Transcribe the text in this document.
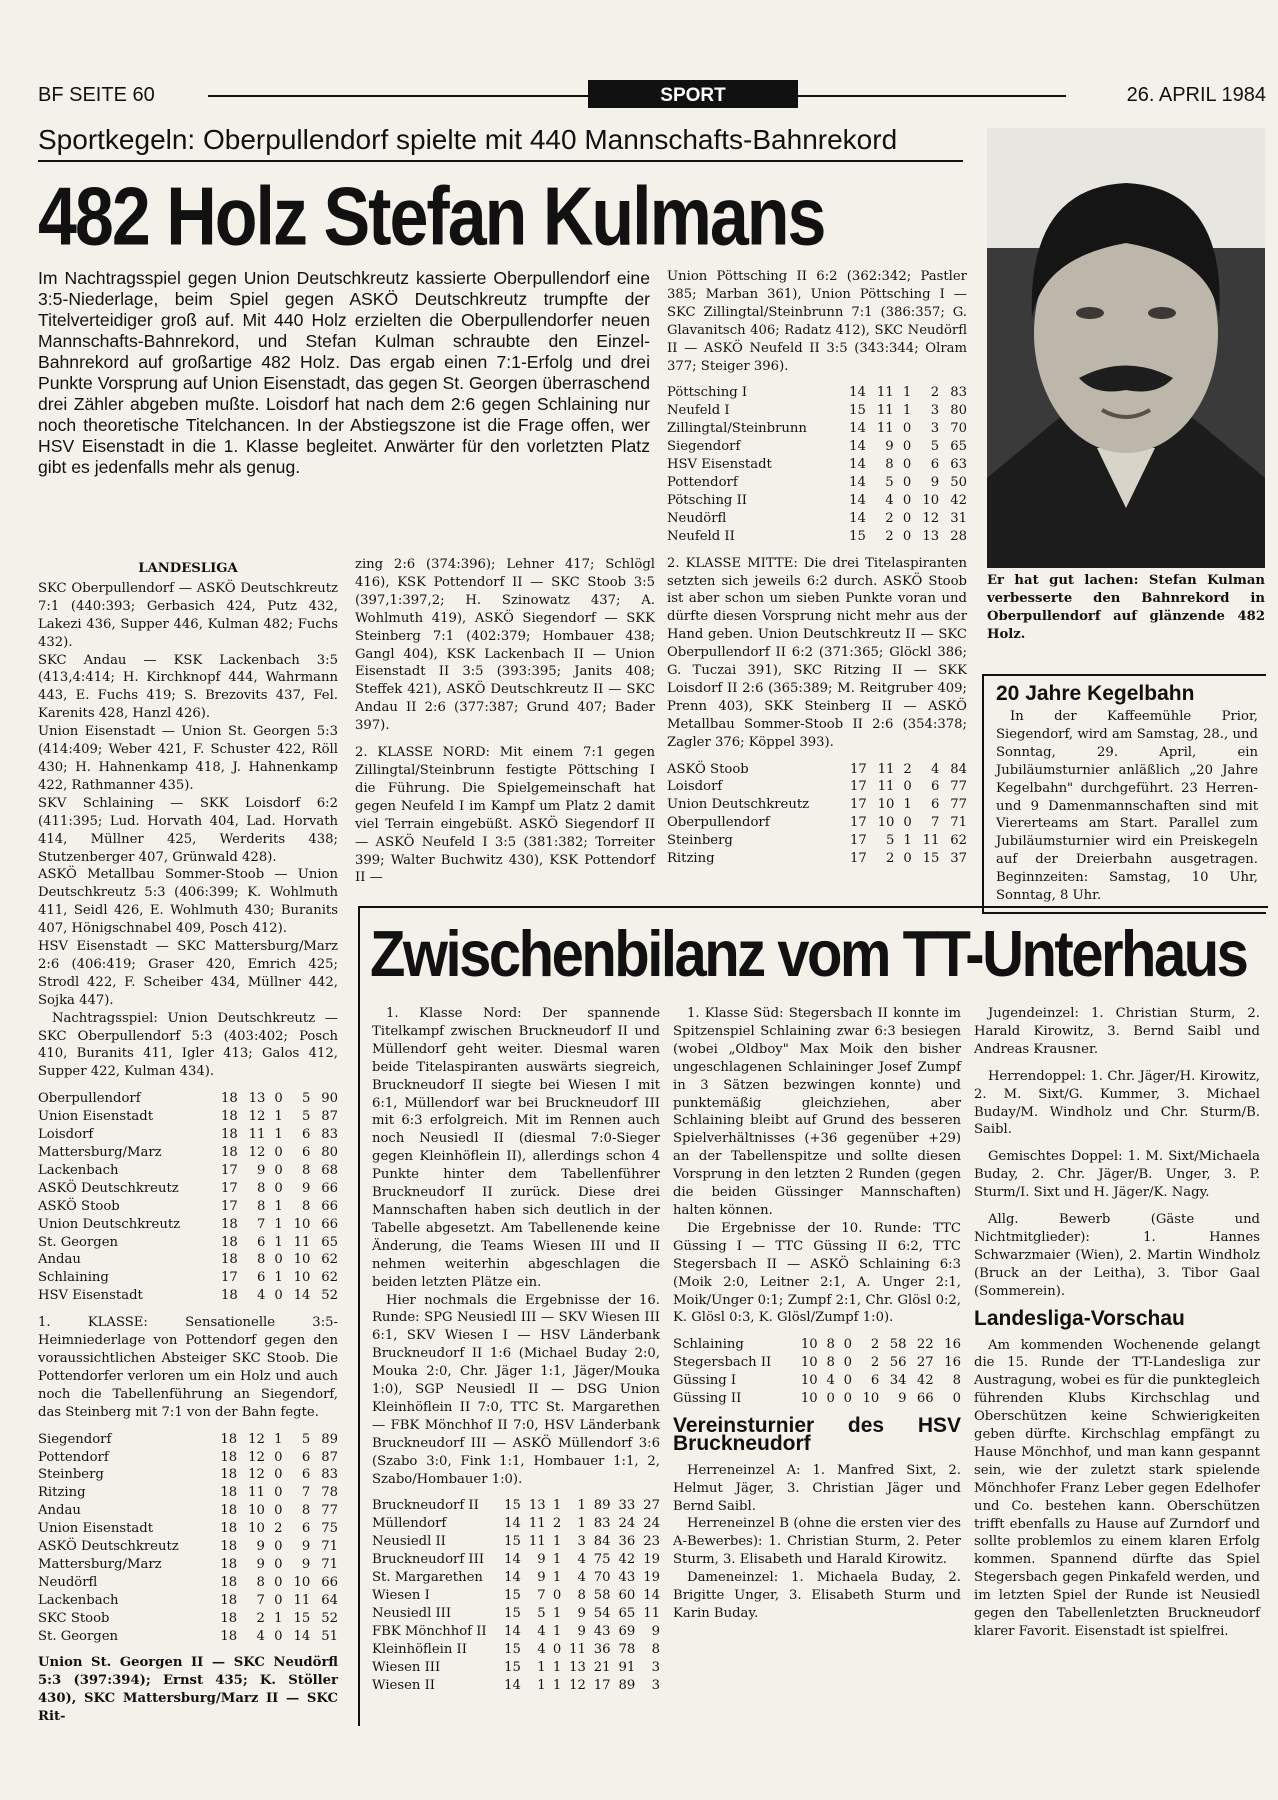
BF SEITE 60	SPORT	26. APRIL 1984
Sportkegeln: Oberpullendorf spielte mit 440 Mannschafts-Bahnrekord
482 Holz Stefan Kulmans
Im Nachtragsspiel gegen Union Deutschkreutz kassierte Oberpullendorf eine 3:5-Niederlage, beim Spiel gegen ASKÖ Deutschkreutz trumpfte der Titelverteidiger groß auf. Mit 440 Holz erzielten die Oberpullendorfer neuen Mannschafts-Bahnrekord, und Stefan Kulman schraubte den Einzel-Bahnrekord auf großartige 482 Holz. Das ergab einen 7:1-Erfolg und drei Punkte Vorsprung auf Union Eisenstadt, das gegen St. Georgen überraschend drei Zähler abgeben mußte. Loisdorf hat nach dem 2:6 gegen Schlaining nur noch theoretische Titelchancen. In der Abstiegszone ist die Frage offen, wer HSV Eisenstadt in die 1. Klasse begleitet. Anwärter für den vorletzten Platz gibt es jedenfalls mehr als genug.

LANDESLIGA

SKC Oberpullendorf — ASKÖ Deutschkreutz 7:1 (440:393; Gerbasich 424, Putz 432, Lakezi 436, Supper 446, Kulman 482; Fuchs 432).

SKC Andau — KSK Lackenbach 3:5 (413,4:414; H. Kirchknopf 444, Wahrmann 443, E. Fuchs 419; S. Brezovits 437, Fel. Karenits 428, Hanzl 426).

Union Eisenstadt — Union St. Georgen 5:3 (414:409; Weber 421, F. Schuster 422, Röll 430; H. Hahnenkamp 418, J. Hahnenkamp 422, Rathmanner 435).

SKV Schlaining — SKK Loisdorf 6:2 (411:395; Lud. Horvath 404, Lad. Horvath 414, Müllner 425, Werderits 438; Stutzenberger 407, Grünwald 428).

ASKÖ Metallbau Sommer-Stoob — Union Deutschkreutz 5:3 (406:399; K. Wohlmuth 411, Seidl 426, E. Wohlmuth 430; Buranits 407, Hönigschnabel 409, Posch 412).

HSV Eisenstadt — SKC Mattersburg/Marz 2:6 (406:419; Graser 420, Emrich 425; Strodl 422, F. Scheiber 434, Müllner 442, Sojka 447).

Nachtragsspiel: Union Deutschkreutz — SKC Oberpullendorf 5:3 (403:402; Posch 410, Buranits 411, Igler 413; Galos 412, Supper 422, Kulman 434).

Oberpullendorf	18	13	0	5	90
Union Eisenstadt	18	12	1	5	87
Loisdorf	18	11	1	6	83
Mattersburg/Marz	18	12	0	6	80
Lackenbach	17	9	0	8	68
ASKÖ Deutschkreutz	17	8	0	9	66
ASKÖ Stoob	17	8	1	8	66
Union Deutschkreutz	18	7	1	10	66
St. Georgen	18	6	1	11	65
Andau	18	8	0	10	62
Schlaining	17	6	1	10	62
HSV Eisenstadt	18	4	0	14	52

1. KLASSE: Sensationelle 3:5-Heimniederlage von Pottendorf gegen den voraussichtlichen Absteiger SKC Stoob. Die Pottendorfer verloren um ein Holz und auch noch die Tabellenführung an Siegendorf, das Steinberg mit 7:1 von der Bahn fegte.

Siegendorf	18	12	1	5	89
Pottendorf	18	12	0	6	87
Steinberg	18	12	0	6	83
Ritzing	18	11	0	7	78
Andau	18	10	0	8	77
Union Eisenstadt	18	10	2	6	75
ASKÖ Deutschkreutz	18	9	0	9	71
Mattersburg/Marz	18	9	0	9	71
Neudörfl	18	8	0	10	66
Lackenbach	18	7	0	11	64
SKC Stoob	18	2	1	15	52
St. Georgen	18	4	0	14	51

Union St. Georgen II — SKC Neudörfl 5:3 (397:394); Ernst 435; K. Stöller 430), SKC Mattersburg/Marz II — SKC Rit-

zing 2:6 (374:396); Lehner 417; Schlögl 416), KSK Pottendorf II — SKC Stoob 3:5 (397,1:397,2; H. Szinowatz 437; A. Wohlmuth 419), ASKÖ Siegendorf — SKK Steinberg 7:1 (402:379; Hombauer 438; Gangl 404), KSK Lackenbach II — Union Eisenstadt II 3:5 (393:395; Janits 408; Steffek 421), ASKÖ Deutschkreutz II — SKC Andau II 2:6 (377:387; Grund 407; Bader 397).

2. KLASSE NORD: Mit einem 7:1 gegen Zillingtal/Steinbrunn festigte Pöttsching I die Führung. Die Spielgemeinschaft hat gegen Neufeld I im Kampf um Platz 2 damit viel Terrain eingebüßt. ASKÖ Siegendorf II — ASKÖ Neufeld I 3:5 (381:382; Torreiter 399; Walter Buchwitz 430), KSK Pottendorf II —

Union Pöttsching II 6:2 (362:342; Pastler 385; Marban 361), Union Pöttsching I — SKC Zillingtal/Steinbrunn 7:1 (386:357; G. Glavanitsch 406; Radatz 412), SKC Neudörfl II — ASKÖ Neufeld II 3:5 (343:344; Olram 377; Steiger 396).

Pöttsching I	14	11	1	2	83
Neufeld I	15	11	1	3	80
Zillingtal/Steinbrunn	14	11	0	3	70
Siegendorf	14	9	0	5	65
HSV Eisenstadt	14	8	0	6	63
Pottendorf	14	5	0	9	50
Pötsching II	14	4	0	10	42
Neudörfl	14	2	0	12	31
Neufeld II	15	2	0	13	28

2. KLASSE MITTE: Die drei Titelaspiranten setzten sich jeweils 6:2 durch. ASKÖ Stoob ist aber schon um sieben Punkte voran und dürfte diesen Vorsprung nicht mehr aus der Hand geben. Union Deutschkreutz II — SKC Oberpullendorf II 6:2 (371:365; Glöckl 386; G. Tuczai 391), SKC Ritzing II — SKK Loisdorf II 2:6 (365:389; M. Reitgruber 409; Prenn 403), SKK Steinberg II — ASKÖ Metallbau Sommer-Stoob II 2:6 (354:378; Zagler 376; Köppel 393).

ASKÖ Stoob	17	11	2	4	84
Loisdorf	17	11	0	6	77
Union Deutschkreutz	17	10	1	6	77
Oberpullendorf	17	10	0	7	71
Steinberg	17	5	1	11	62
Ritzing	17	2	0	15	37
Er hat gut lachen: Stefan Kulman verbesserte den Bahnrekord in Oberpullendorf auf glänzende 482 Holz.
20 Jahre Kegelbahn
In der Kaffeemühle Prior, Siegendorf, wird am Samstag, 28., und Sonntag, 29. April, ein Jubiläumsturnier anläßlich „20 Jahre Kegelbahn" durchgeführt. 23 Herren- und 9 Damenmannschaften sind mit Viererteams am Start. Parallel zum Jubiläumsturnier wird ein Preiskegeln auf der Dreierbahn ausgetragen. Beginnzeiten: Samstag, 10 Uhr, Sonntag, 8 Uhr.
Zwischenbilanz vom TT-Unterhaus

1. Klasse Nord: Der spannende Titelkampf zwischen Bruckneudorf II und Müllendorf geht weiter. Diesmal waren beide Titelaspiranten auswärts siegreich, Bruckneudorf II siegte bei Wiesen I mit 6:1, Müllendorf war bei Bruckneudorf III mit 6:3 erfolgreich. Mit im Rennen auch noch Neusiedl II (diesmal 7:0-Sieger gegen Kleinhöflein II), allerdings schon 4 Punkte hinter dem Tabellenführer Bruckneudorf II zurück. Diese drei Mannschaften haben sich deutlich in der Tabelle abgesetzt. Am Tabellenende keine Änderung, die Teams Wiesen III und II nehmen weiterhin abgeschlagen die beiden letzten Plätze ein.

Hier nochmals die Ergebnisse der 16. Runde: SPG Neusiedl III — SKV Wiesen III 6:1, SKV Wiesen I — HSV Länderbank Bruckneudorf II 1:6 (Michael Buday 2:0, Mouka 2:0, Chr. Jäger 1:1, Jäger/Mouka 1:0), SGP Neusiedl II — DSG Union Kleinhöflein II 7:0, TTC St. Margarethen — FBK Mönchhof II 7:0, HSV Länderbank Bruckneudorf III — ASKÖ Müllendorf 3:6 (Szabo 3:0, Fink 1:1, Hombauer 1:1, 2, Szabo/Hombauer 1:0).

Bruckneudorf II	15	13	1	1	89	33	27
Müllendorf	14	11	2	1	83	24	24
Neusiedl II	15	11	1	3	84	36	23
Bruckneudorf III	14	9	1	4	75	42	19
St. Margarethen	14	9	1	4	70	43	19
Wiesen I	15	7	0	8	58	60	14
Neusiedl III	15	5	1	9	54	65	11
FBK Mönchhof II	14	4	1	9	43	69	9
Kleinhöflein II	15	4	0	11	36	78	8
Wiesen III	15	1	1	13	21	91	3
Wiesen II	14	1	1	12	17	89	3

1. Klasse Süd: Stegersbach II konnte im Spitzenspiel Schlaining zwar 6:3 besiegen (wobei „Oldboy" Max Moik den bisher ungeschlagenen Schlaininger Josef Zumpf in 3 Sätzen bezwingen konnte) und punktemäßig gleichziehen, aber Schlaining bleibt auf Grund des besseren Spielverhältnisses (+36 gegenüber +29) an der Tabellenspitze und sollte diesen Vorsprung in den letzten 2 Runden (gegen die beiden Güssinger Mannschaften) halten können.

Die Ergebnisse der 10. Runde: TTC Güssing I — TTC Güssing II 6:2, TTC Stegersbach II — ASKÖ Schlaining 6:3 (Moik 2:0, Leitner 2:1, A. Unger 2:1, Moik/Unger 0:1; Zumpf 2:1, Chr. Glösl 0:2, K. Glösl 0:3, K. Glösl/Zumpf 1:0).

Schlaining	10	8	0	2	58	22	16
Stegersbach II	10	8	0	2	56	27	16
Güssing I	10	4	0	6	34	42	8
Güssing II	10	0	0	10	9	66	0
Vereinsturnier des HSV Bruckneudorf

Herreneinzel A: 1. Manfred Sixt, 2. Helmut Jäger, 3. Christian Jäger und Bernd Saibl.

Herreneinzel B (ohne die ersten vier des A-Bewerbes): 1. Christian Sturm, 2. Peter Sturm, 3. Elisabeth und Harald Kirowitz.

Dameneinzel: 1. Michaela Buday, 2. Brigitte Unger, 3. Elisabeth Sturm und Karin Buday.

Jugendeinzel: 1. Christian Sturm, 2. Harald Kirowitz, 3. Bernd Saibl und Andreas Krausner.

Herrendoppel: 1. Chr. Jäger/H. Kirowitz, 2. M. Sixt/G. Kummer, 3. Michael Buday/M. Windholz und Chr. Sturm/B. Saibl.

Gemischtes Doppel: 1. M. Sixt/Michaela Buday, 2. Chr. Jäger/B. Unger, 3. P. Sturm/I. Sixt und H. Jäger/K. Nagy.

Allg. Bewerb (Gäste und Nichtmitglieder): 1. Hannes Schwarzmaier (Wien), 2. Martin Windholz (Bruck an der Leitha), 3. Tibor Gaal (Sommerein).

Landesliga-Vorschau

Am kommenden Wochenende gelangt die 15. Runde der TT-Landesliga zur Austragung, wobei es für die punktegleich führenden Klubs Kirchschlag und Oberschützen keine Schwierigkeiten geben dürfte. Kirchschlag empfängt zu Hause Mönchhof, und man kann gespannt sein, wie der zuletzt stark spielende Mönchhofer Franz Leber gegen Edelhofer und Co. bestehen kann. Oberschützen trifft ebenfalls zu Hause auf Zurndorf und sollte problemlos zu einem klaren Erfolg kommen. Spannend dürfte das Spiel Stegersbach gegen Pinkafeld werden, und im letzten Spiel der Runde ist Neusiedl gegen den Tabellenletzten Bruckneudorf klarer Favorit. Eisenstadt ist spielfrei.
